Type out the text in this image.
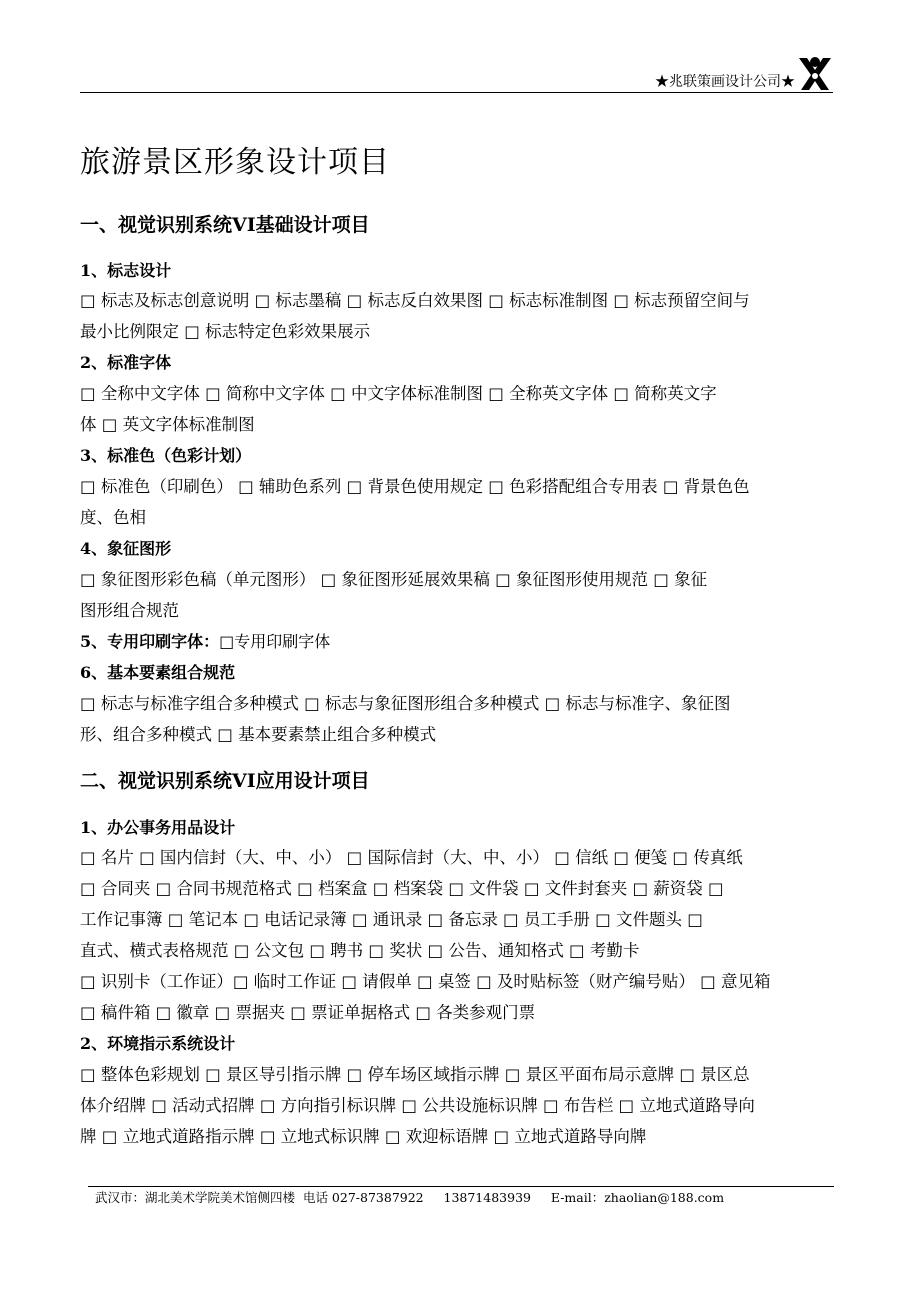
★兆联策画设计公司★
旅游景区形象设计项目
一、视觉识别系统VI基础设计项目
1、标志设计

□ 标志及标志创意说明 □ 标志墨稿 □ 标志反白效果图 □ 标志标准制图 □ 标志预留空间与

最小比例限定 □ 标志特定色彩效果展示

2、标准字体

□ 全称中文字体 □ 简称中文字体 □ 中文字体标准制图 □ 全称英文字体 □ 简称英文字

体 □ 英文字体标准制图

3、标准色（色彩计划）

□ 标准色（印刷色） □ 辅助色系列 □ 背景色使用规定 □ 色彩搭配组合专用表 □ 背景色色

度、色相

4、象征图形

□ 象征图形彩色稿（单元图形） □ 象征图形延展效果稿 □ 象征图形使用规范 □ 象征

图形组合规范

5、专用印刷字体：□专用印刷字体
6、基本要素组合规范

□ 标志与标准字组合多种模式 □ 标志与象征图形组合多种模式 □ 标志与标准字、象征图

形、组合多种模式 □ 基本要素禁止组合多种模式

二、视觉识别系统VI应用设计项目
1、办公事务用品设计

□ 名片 □ 国内信封（大、中、小） □ 国际信封（大、中、小） □ 信纸 □ 便笺 □ 传真纸

□ 合同夹 □ 合同书规范格式 □ 档案盒 □ 档案袋 □ 文件袋 □ 文件封套夹 □ 薪资袋 □

工作记事簿 □ 笔记本 □ 电话记录簿 □ 通讯录 □ 备忘录 □ 员工手册 □ 文件题头 □

直式、横式表格规范 □ 公文包 □ 聘书 □ 奖状 □ 公告、通知格式 □ 考勤卡

□ 识别卡（工作证）□ 临时工作证 □ 请假单 □ 桌签 □ 及时贴标签（财产编号贴） □ 意见箱

□ 稿件箱 □ 徽章 □ 票据夹 □ 票证单据格式 □ 各类参观门票

2、环境指示系统设计

□ 整体色彩规划 □ 景区导引指示牌 □ 停车场区域指示牌 □ 景区平面布局示意牌 □ 景区总

体介绍牌 □ 活动式招牌 □ 方向指引标识牌 □ 公共设施标识牌 □ 布告栏 □ 立地式道路导向

牌 □ 立地式道路指示牌 □ 立地式标识牌 □ 欢迎标语牌 □ 立地式道路导向牌

武汉市：湖北美术学院美术馆侧四楼  电话 027-87387922     13871483939     E-mail：zhaolian@188.com
